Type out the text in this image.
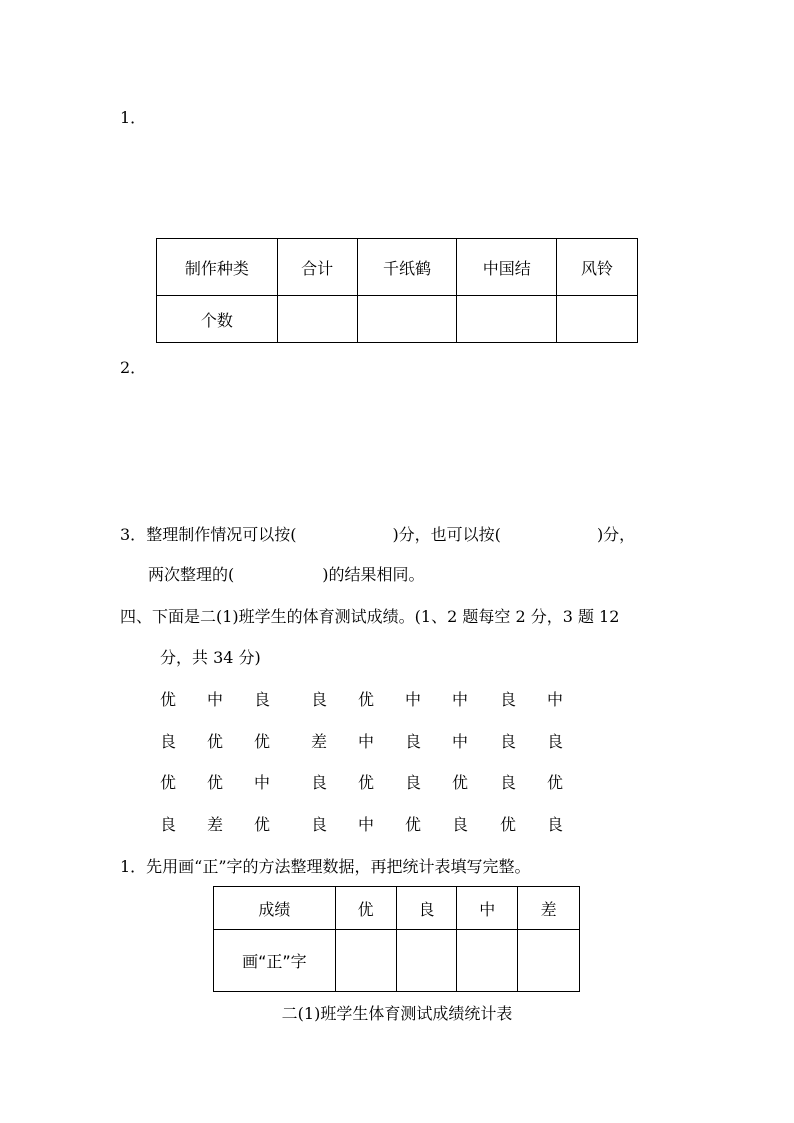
1．
制作种类	合计	千纸鹤	中国结	风铃
个数				
2．
3．整理制作情况可以按(	)分，也可以按(	)分，
两次整理的(	)的结果相同。
四、下面是二(1)班学生的体育测试成绩。(1、2 题每空 2 分，3 题 12
分，共 34 分)
优 中 良	良 优 中 中 良 中
良 优 优	差 中 良 中 良 良
优 优 中	良 优 良 优 良 优
良 差 优	良 中 优 良 优 良
1．先用画“正”字的方法整理数据，再把统计表填写完整。
成绩	优	良	中	差
画“正”字				
二(1)班学生体育测试成绩统计表
